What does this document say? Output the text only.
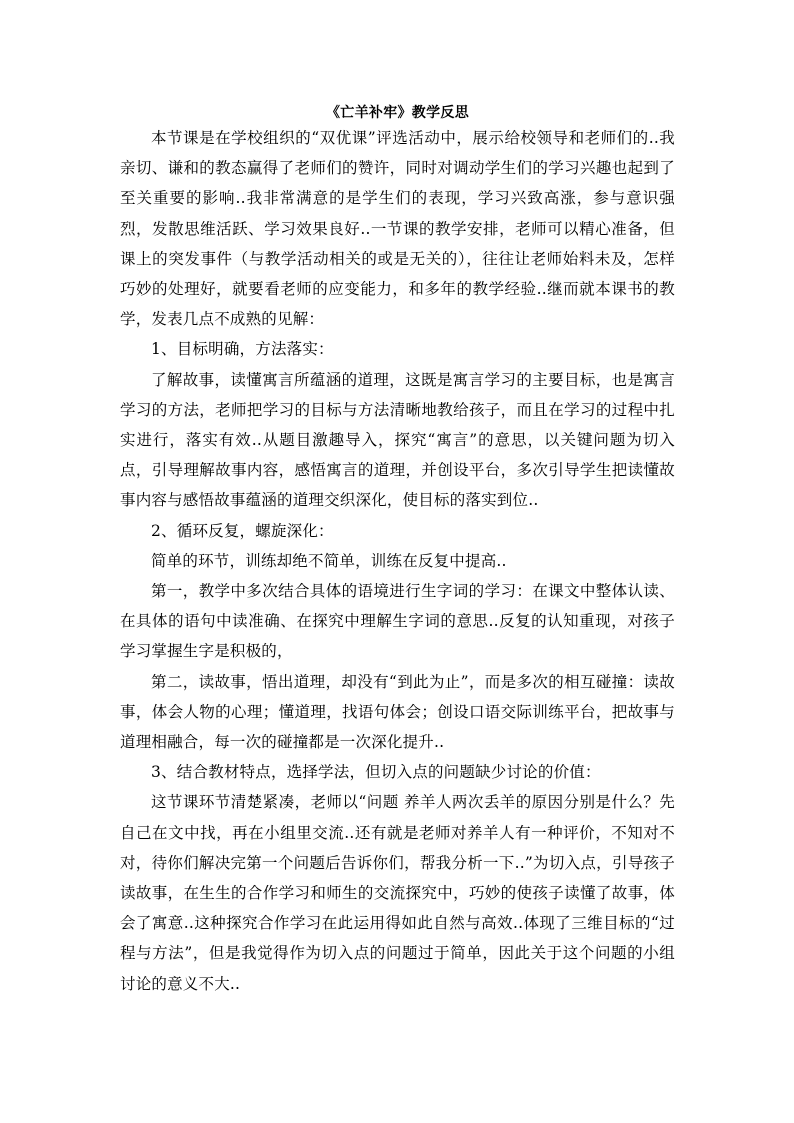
《亡羊补牢》教学反思

本节课是在学校组织的“双优课”评选活动中，展示给校领导和老师们的..我亲切、谦和的教态赢得了老师们的赞许，同时对调动学生们的学习兴趣也起到了至关重要的影响..我非常满意的是学生们的表现，学习兴致高涨，参与意识强烈，发散思维活跃、学习效果良好..一节课的教学安排，老师可以精心准备，但课上的突发事件（与教学活动相关的或是无关的），往往让老师始料未及，怎样巧妙的处理好，就要看老师的应变能力，和多年的教学经验..继而就本课书的教学，发表几点不成熟的见解：

1、目标明确，方法落实：

了解故事，读懂寓言所蕴涵的道理，这既是寓言学习的主要目标，也是寓言学习的方法，老师把学习的目标与方法清晰地教给孩子，而且在学习的过程中扎实进行，落实有效..从题目激趣导入，探究“寓言”的意思，以关键问题为切入点，引导理解故事内容，感悟寓言的道理，并创设平台，多次引导学生把读懂故事内容与感悟故事蕴涵的道理交织深化，使目标的落实到位..

2、循环反复，螺旋深化：

简单的环节，训练却绝不简单，训练在反复中提高..

第一，教学中多次结合具体的语境进行生字词的学习：在课文中整体认读、在具体的语句中读准确、在探究中理解生字词的意思..反复的认知重现，对孩子学习掌握生字是积极的，

第二，读故事，悟出道理，却没有“到此为止”，而是多次的相互碰撞：读故事，体会人物的心理；懂道理，找语句体会；创设口语交际训练平台，把故事与道理相融合，每一次的碰撞都是一次深化提升..

3、结合教材特点，选择学法，但切入点的问题缺少讨论的价值：

这节课环节清楚紧凑，老师以“问题 养羊人两次丢羊的原因分别是什么？先自己在文中找，再在小组里交流..还有就是老师对养羊人有一种评价，不知对不对，待你们解决完第一个问题后告诉你们，帮我分析一下..”为切入点，引导孩子读故事，在生生的合作学习和师生的交流探究中，巧妙的使孩子读懂了故事，体会了寓意..这种探究合作学习在此运用得如此自然与高效..体现了三维目标的“过程与方法”，但是我觉得作为切入点的问题过于简单，因此关于这个问题的小组讨论的意义不大..
